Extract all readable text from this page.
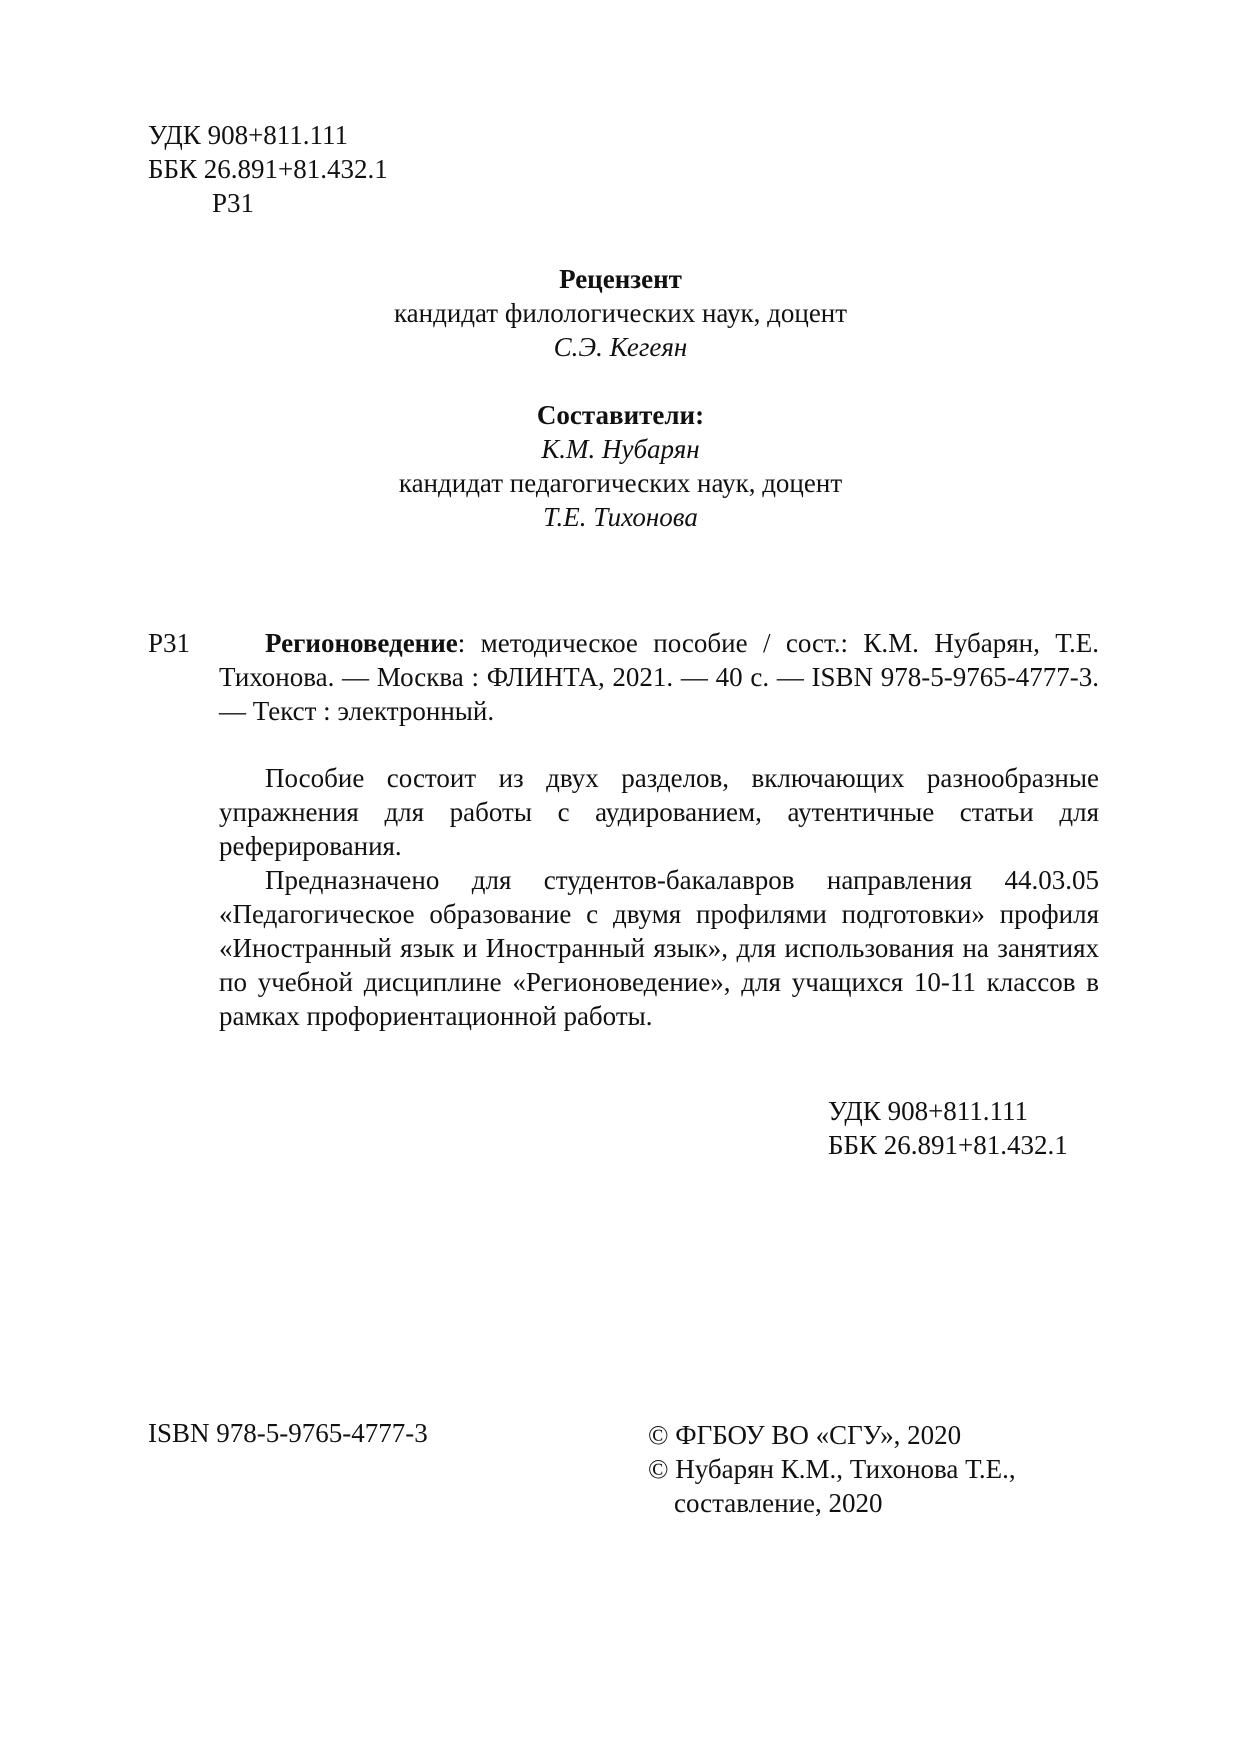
УДК 908+811.111
ББК 26.891+81.432.1
Р31
Рецензент
кандидат филологических наук, доцент
С.Э. Кегеян
Составители:
К.М. Нубарян
кандидат педагогических наук, доцент
Т.Е. Тихонова
Р31	Регионоведение: методическое пособие / сост.: К.М. Нубарян, Т.Е. Тихонова. — Москва : ФЛИНТА, 2021. — 40 с. — ISBN 978-5-9765-4777-3. — Текст : электронный.
Пособие состоит из двух разделов, включающих разнообразные упражнения для работы с аудированием, аутентичные статьи для реферирования.
Предназначено для студентов-бакалавров направления 44.03.05 «Педагогическое образование с двумя профилями подготовки» профиля «Иностранный язык и Иностранный язык», для использования на занятиях по учебной дисциплине «Регионоведение», для учащихся 10-11 классов в рамках профориентационной работы.
УДК 908+811.111
ББК 26.891+81.432.1
ISBN 978-5-9765-4777-3	© ФГБОУ ВО «СГУ», 2020
© Нубарян К.М., Тихонова Т.Е.,
составление, 2020
